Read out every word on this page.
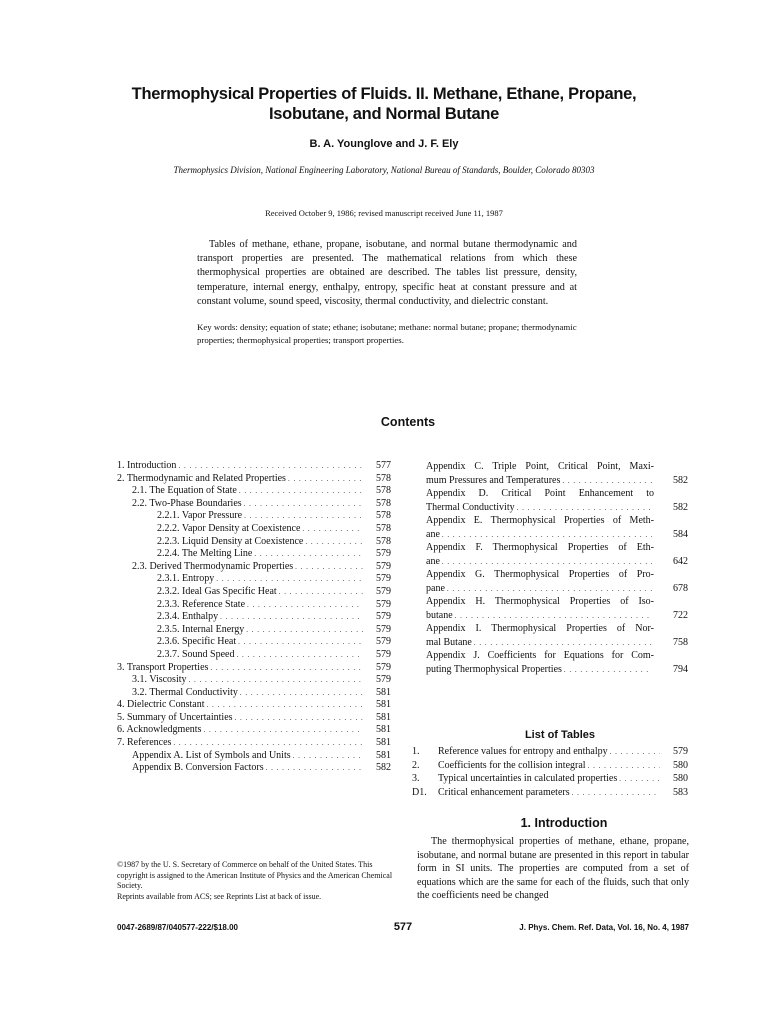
Thermophysical Properties of Fluids. II. Methane, Ethane, Propane, Isobutane, and Normal Butane
B. A. Younglove and J. F. Ely
Thermophysics Division, National Engineering Laboratory, National Bureau of Standards, Boulder, Colorado 80303
Received October 9, 1986; revised manuscript received June 11, 1987

Tables of methane, ethane, propane, isobutane, and normal butane thermodynamic and transport properties are presented. The mathematical relations from which these thermophysical properties are obtained are described. The tables list pressure, density, temperature, internal energy, enthalpy, entropy, specific heat at constant pressure and at constant volume, sound speed, viscosity, thermal conductivity, and dielectric constant.

Key words: density; equation of state; ethane; isobutane; methane: normal butane; propane; thermodynamic properties; thermophysical properties; transport properties.
Contents
1. Introduction . . .	577
2. Thermodynamic and Related Properties . . .	578
2.1. The Equation of State . . .	578
2.2. Two-Phase Boundaries . . .	578
2.2.1. Vapor Pressure . . .	578
2.2.2. Vapor Density at Coexistence . . .	578
2.2.3. Liquid Density at Coexistence . . .	578
2.2.4. The Melting Line . . .	579
2.3. Derived Thermodynamic Properties . . .	579
2.3.1. Entropy . . .	579
2.3.2. Ideal Gas Specific Heat . . .	579
2.3.3. Reference State . . .	579
2.3.4. Enthalpy . . .	579
2.3.5. Internal Energy . . .	579
2.3.6. Specific Heat . . .	579
2.3.7. Sound Speed . . .	579
3. Transport Properties . . .	579
3.1. Viscosity . . .	579
3.2. Thermal Conductivity . . .	581
4. Dielectric Constant . . .	581
5. Summary of Uncertainties . . .	581
6. Acknowledgments . . .	581
7. References . . .	581
Appendix A. List of Symbols and Units . . .	581
Appendix B. Conversion Factors . . .	582
Appendix C. Triple Point, Critical Point, Maxi-
mum Pressures and Temperatures . . .	582
Appendix D. Critical Point Enhancement to
Thermal Conductivity . . .	582
Appendix E. Thermophysical Properties of Meth-
ane . . .	584
Appendix F. Thermophysical Properties of Eth-
ane . . .	642
Appendix G. Thermophysical Properties of Pro-
pane . . .	678
Appendix H. Thermophysical Properties of Iso-
butane . . .	722
Appendix I. Thermophysical Properties of Nor-
mal Butane . . .	758
Appendix J. Coefficients for Equations for Com-
puting Thermophysical Properties . . .	794
List of Tables
1.	Reference values for entropy and enthalpy . . .	579
2.	Coefficients for the collision integral . . .	580
3.	Typical uncertainties in calculated properties . . .	580
D1.	Critical enhancement parameters . . .	583
1. Introduction

The thermophysical properties of methane, ethane, propane, isobutane, and normal butane are presented in this report in tabular form in SI units. The properties are computed from a set of equations which are the same for each of the fluids, such that only the coefficients need be changed

©1987 by the U. S. Secretary of Commerce on behalf of the United States. This copyright is assigned to the American Institute of Physics and the American Chemical Society.
Reprints available from ACS; see Reprints List at back of issue.
0047-2689/87/040577-222/$18.00	577	J. Phys. Chem. Ref. Data, Vol. 16, No. 4, 1987
